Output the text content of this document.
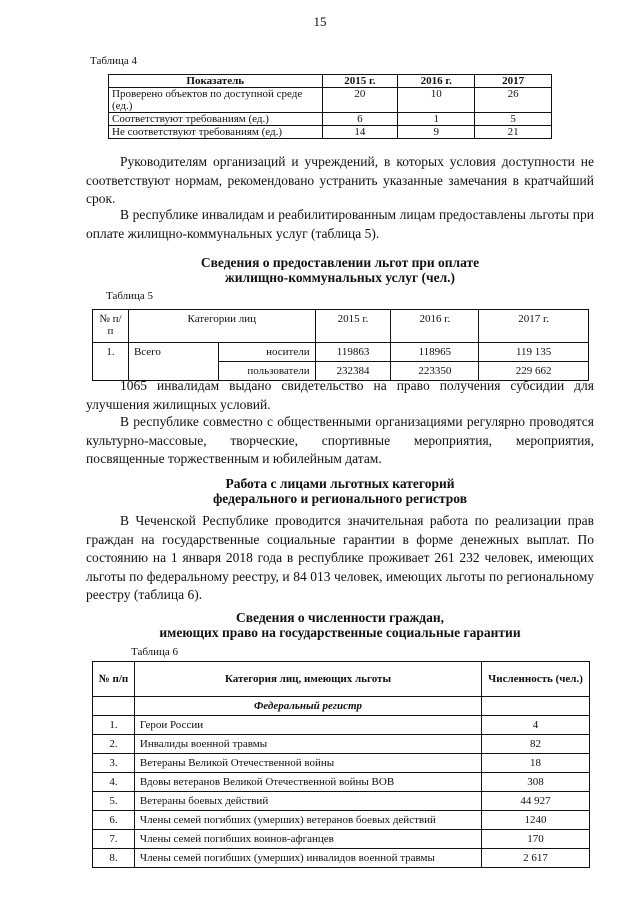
15
Таблица 4
Показатель	2015 г.	2016 г.	2017
Проверено объектов по доступной среде (ед.)	20	10	26
Соответствуют требованиям (ед.)	6	1	5
Не соответствуют требованиям (ед.)	14	9	21

Руководителям организаций и учреждений, в которых условия доступности не соответствуют нормам, рекомендовано устранить указанные замечания в кратчайший срок.

В республике инвалидам и реабилитированным лицам предоставлены льготы при оплате жилищно-коммунальных услуг (таблица 5).

Сведения о предоставлении льгот при оплате
жилищно-коммунальных услуг (чел.)
Таблица 5
№ п/п	Категории лиц		2015 г.	2016 г.	2017 г.
1.	Всего	носители	119863	118965	119 135
		пользователи	232384	223350	229 662

1065 инвалидам выдано свидетельство на право получения субсидии для улучшения жилищных условий.

В республике совместно с общественными организациями регулярно проводятся культурно-массовые, творческие, спортивные мероприятия, мероприятия, посвященные торжественным и юбилейным датам.

Работа с лицами льготных категорий
федерального и регионального регистров

В Чеченской Республике проводится значительная работа по реализации прав граждан на государственные социальные гарантии в форме денежных выплат. По состоянию на 1 января 2018 года в республике проживает 261 232 человек, имеющих льготы по федеральному реестру, и 84 013 человек, имеющих льготы по региональному реестру (таблица 6).

Сведения о численности граждан,
имеющих право на государственные социальные гарантии
Таблица 6
№ п/п	Категория лиц, имеющих льготы	Численность (чел.)
	Федеральный регистр	
1.	Герои России	4
2.	Инвалиды военной травмы	82
3.	Ветераны Великой Отечественной войны	18
4.	Вдовы ветеранов Великой Отечественной войны ВОВ	308
5.	Ветераны боевых действий	44 927
6.	Члены семей погибших (умерших) ветеранов боевых действий	1240
7.	Члены семей погибших воинов-афганцев	170
8.	Члены семей погибших (умерших) инвалидов военной травмы	2 617
